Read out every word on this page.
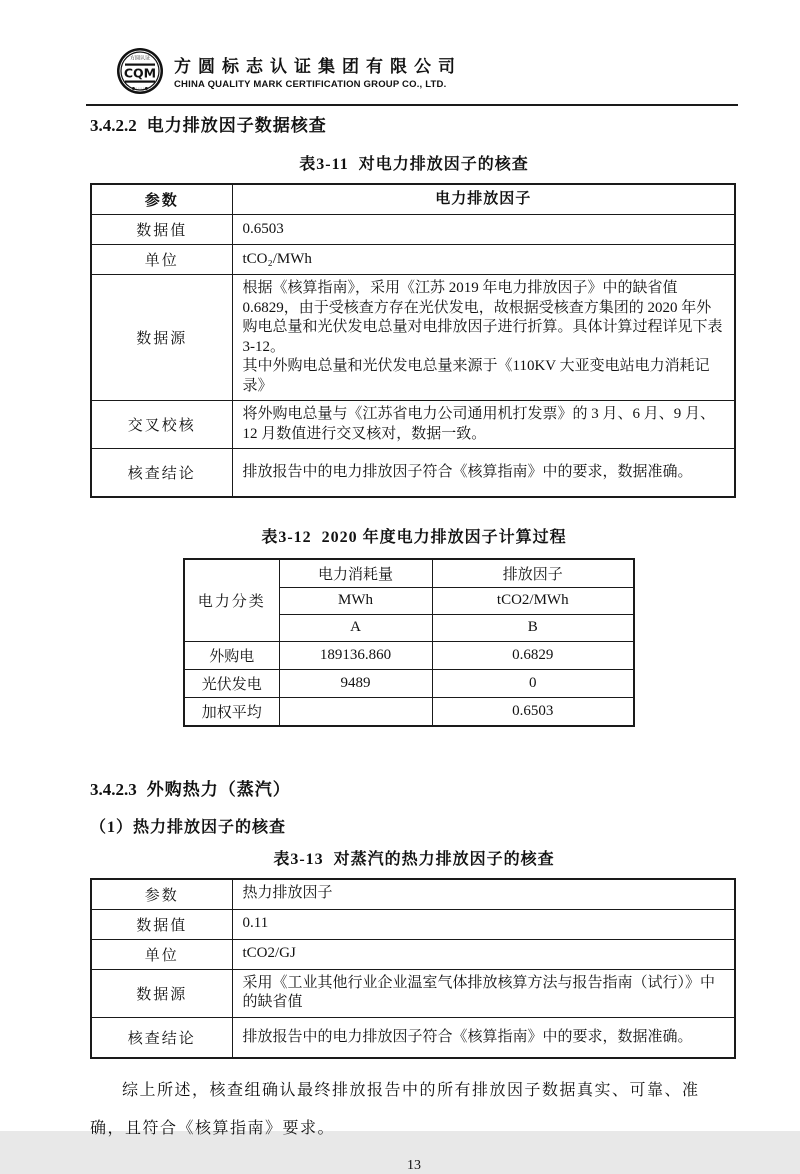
方圆认证
CQM
●◦◦◦◦●
方圆标志认证集团有限公司
CHINA QUALITY MARK CERTIFICATION GROUP CO., LTD.
3.4.2.2 电力排放因子数据核查
表3-11  对电力排放因子的核查
参数	电力排放因子
数据值	0.6503
单位	tCO₂/MWh
数据源	根据《核算指南》，采用《江苏 2019 年电力排放因子》中的缺省值 0.6829，由于受核查方存在光伏发电，故根据受核查方集团的 2020 年外购电总量和光伏发电总量对电排放因子进行折算。具体计算过程详见下表 3-12。
其中外购电总量和光伏发电总量来源于《110KV 大亚变电站电力消耗记录》

交叉校核	将外购电总量与《江苏省电力公司通用机打发票》的 3 月、6 月、9 月、12 月数值进行交叉核对，数据一致。
核查结论	排放报告中的电力排放因子符合《核算指南》中的要求，数据准确。
表3-12  2020 年度电力排放因子计算过程
电力分类	电力消耗量	排放因子
	MWh	tCO2/MWh
	A	B
外购电	189136.860	0.6829
光伏发电	9489	0
加权平均		0.6503
3.4.2.3 外购热力（蒸汽）
（1）热力排放因子的核查
表3-13  对蒸汽的热力排放因子的核查
参数	热力排放因子
数据值	0.11
单位	tCO2/GJ
数据源	采用《工业其他行业企业温室气体排放核算方法与报告指南（试行）》中的缺省值
核查结论	排放报告中的电力排放因子符合《核算指南》中的要求，数据准确。

综上所述，核查组确认最终排放报告中的所有排放因子数据真实、可靠、准确，且符合《核算指南》要求。

13
